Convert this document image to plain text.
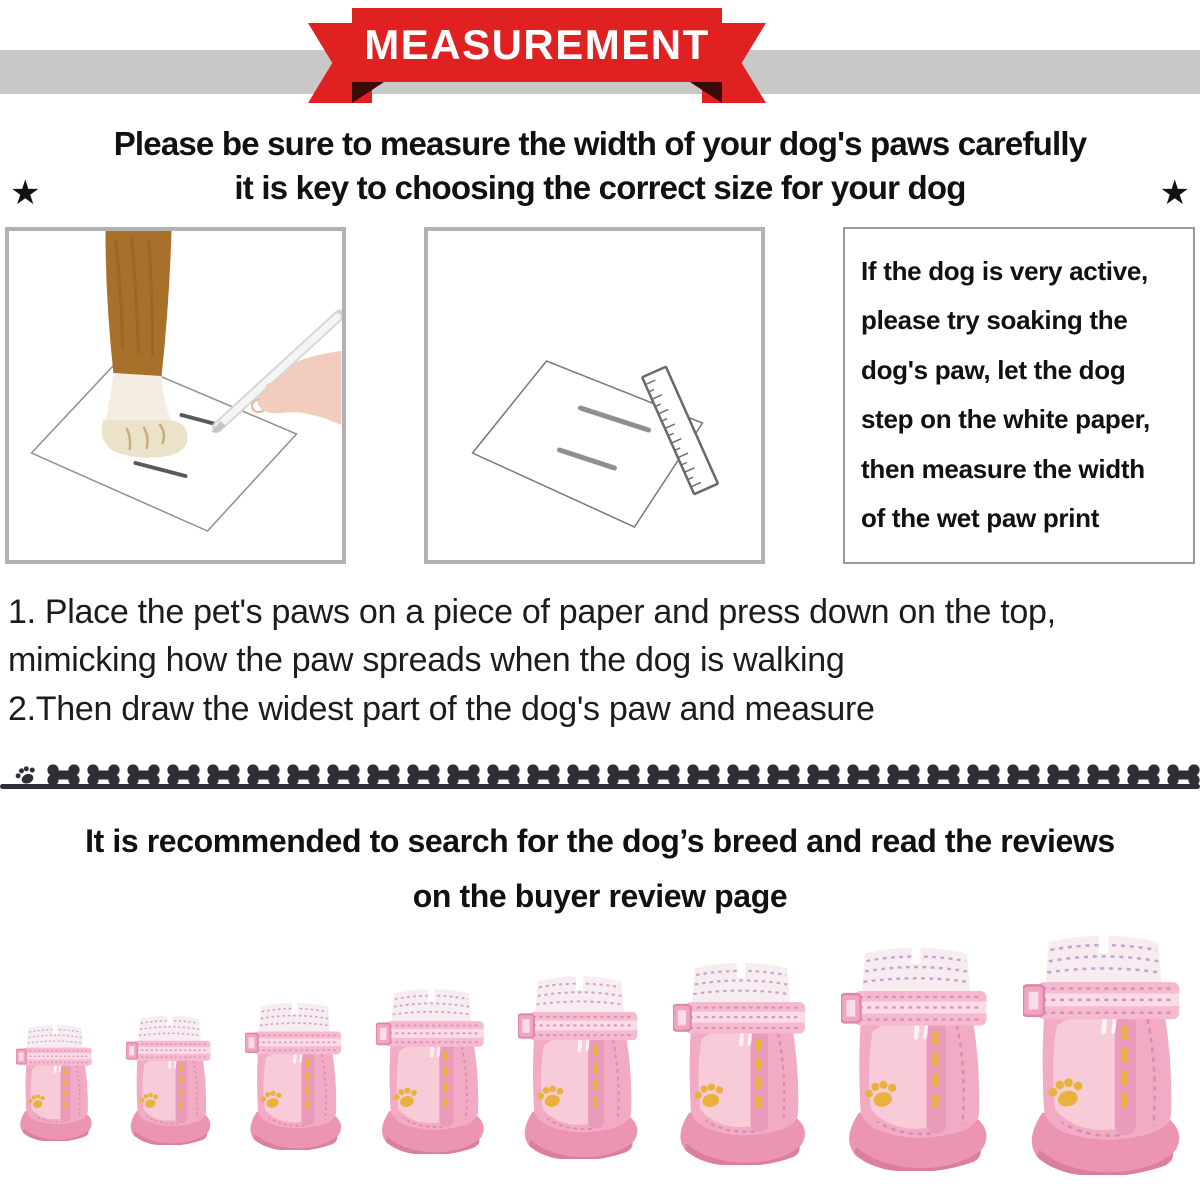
MEASUREMENT
Please be sure to measure the width of your dog's paws carefully
it is key to choosing the correct size for your dog
★	★
If the dog is very active,
please try soaking the
dog's paw, let the dog
step on the white paper,
then measure the width
of the wet paw print
1. Place the pet's paws on a piece of paper and press down on the top,
mimicking how the paw spreads when the dog is walking
2.Then draw the widest part of the dog's paw and measure
It is recommended to search for the dog’s breed and read the reviews
on the buyer review page
